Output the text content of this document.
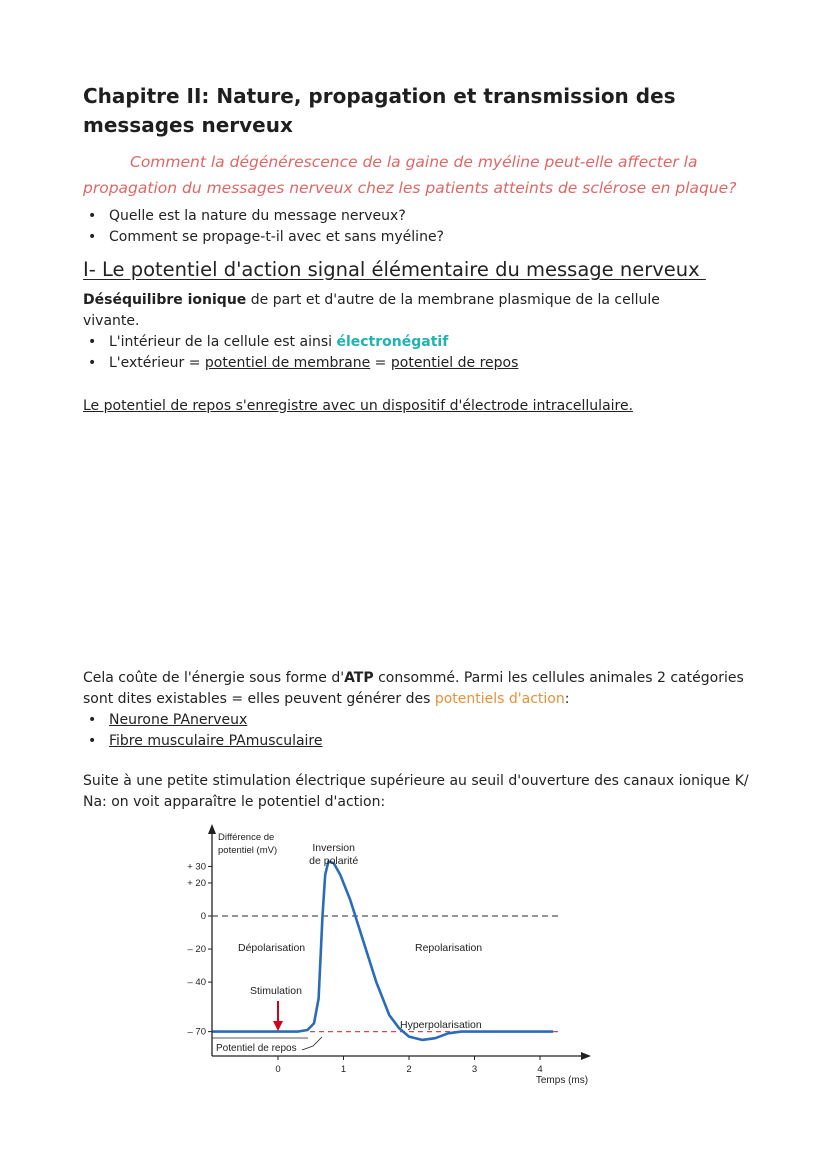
Chapitre II: Nature, propagation et transmission des messages nerveux

Comment la dégénérescence de la gaine de myéline peut-elle affecter la
propagation du messages nerveux chez les patients atteints de sclérose en plaque?

• Quelle est la nature du message nerveux?
• Comment se propage-t-il avec et sans myéline?
I- Le potentiel d'action signal élémentaire du message nerveux

Déséquilibre ionique de part et d'autre de la membrane plasmique de la cellule vivante.

• L'intérieur de la cellule est ainsi électronégatif
• L'extérieur = potentiel de membrane = potentiel de repos

Le potentiel de repos s'enregistre avec un dispositif d'électrode intracellulaire.

Cela coûte de l'énergie sous forme d'ATP consommé. Parmi les cellules animales 2 catégories sont dites existables = elles peuvent générer des potentiels d'action:

• Neurone PAnerveux
• Fibre musculaire PAmusculaire

Suite à une petite stimulation électrique supérieure au seuil d'ouverture des canaux ionique K/ Na: on voit apparaître le potentiel d'action:

Différence de
potentiel (mV)
+ 30
+ 20
0
– 20
– 40
– 70
0	1	2	3	4
Temps (ms)
Inversion
de polarité
Dépolarisation	Repolarisation
Stimulation
Hyperpolarisation
Potentiel de repos
